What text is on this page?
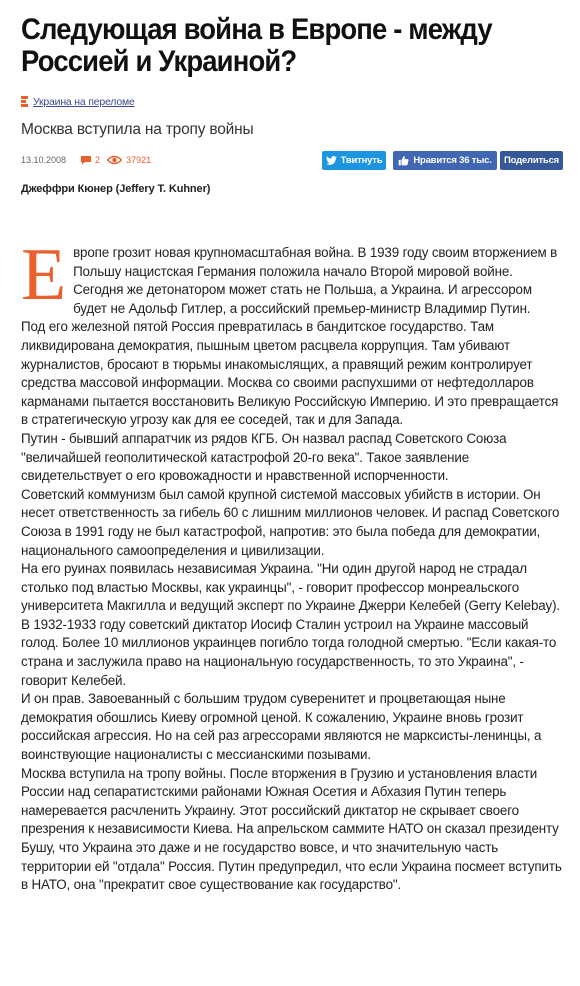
Следующая война в Европе - между
Россией и Украиной?
Украина на переломе
Москва вступила на тропу войны
13.10.2008	2	37921	Твитнуть	Нравится 36 тыс. Поделиться
Джеффри Кюнер (Jeffery T. Kuhner)
Е вропе грозит новая крупномасштабная война. В 1939 году своим вторжением в Польшу нацистская Германия положила начало Второй мировой войне. Сегодня же детонатором может стать не Польша, а Украина. И агрессором будет не Адольф Гитлер, а российский премьер-министр Владимир Путин.

Под его железной пятой Россия превратилась в бандитское государство. Там ликвидирована демократия, пышным цветом расцвела коррупция. Там убивают журналистов, бросают в тюрьмы инакомыслящих, а правящий режим контролирует средства массовой информации. Москва со своими распухшими от нефтедолларов карманами пытается восстановить Великую Российскую Империю. И это превращается в стратегическую угрозу как для ее соседей, так и для Запада.

Путин - бывший аппаратчик из рядов КГБ. Он назвал распад Советского Союза "величайшей геополитической катастрофой 20-го века". Такое заявление свидетельствует о его кровожадности и нравственной испорченности.

Советский коммунизм был самой крупной системой массовых убийств в истории. Он несет ответственность за гибель 60 с лишним миллионов человек. И распад Советского Союза в 1991 году не был катастрофой, напротив: это была победа для демократии, национального самоопределения и цивилизации.

На его руинах появилась независимая Украина. "Ни один другой народ не страдал столько под властью Москвы, как украинцы", - говорит профессор монреальского университета Макгилла и ведущий эксперт по Украине Джерри Келебей (Gerry Kelebay).

В 1932-1933 году советский диктатор Иосиф Сталин устроил на Украине массовый голод. Более 10 миллионов украинцев погибло тогда голодной смертью. "Если какая-то страна и заслужила право на национальную государственность, то это Украина", - говорит Келебей.

И он прав. Завоеванный с большим трудом суверенитет и процветающая ныне демократия обошлись Киеву огромной ценой. К сожалению, Украине вновь грозит российская агрессия. Но на сей раз агрессорами являются не марксисты-ленинцы, а воинствующие националисты с мессианскими позывами.

Москва вступила на тропу войны. После вторжения в Грузию и установления власти России над сепаратистскими районами Южная Осетия и Абхазия Путин теперь намеревается расчленить Украину. Этот российский диктатор не скрывает своего презрения к независимости Киева. На апрельском саммите НАТО он сказал президенту Бушу, что Украина это даже и не государство вовсе, и что значительную часть территории ей "отдала" Россия. Путин предупредил, что если Украина посмеет вступить в НАТО, она "прекратит свое существование как государство".
